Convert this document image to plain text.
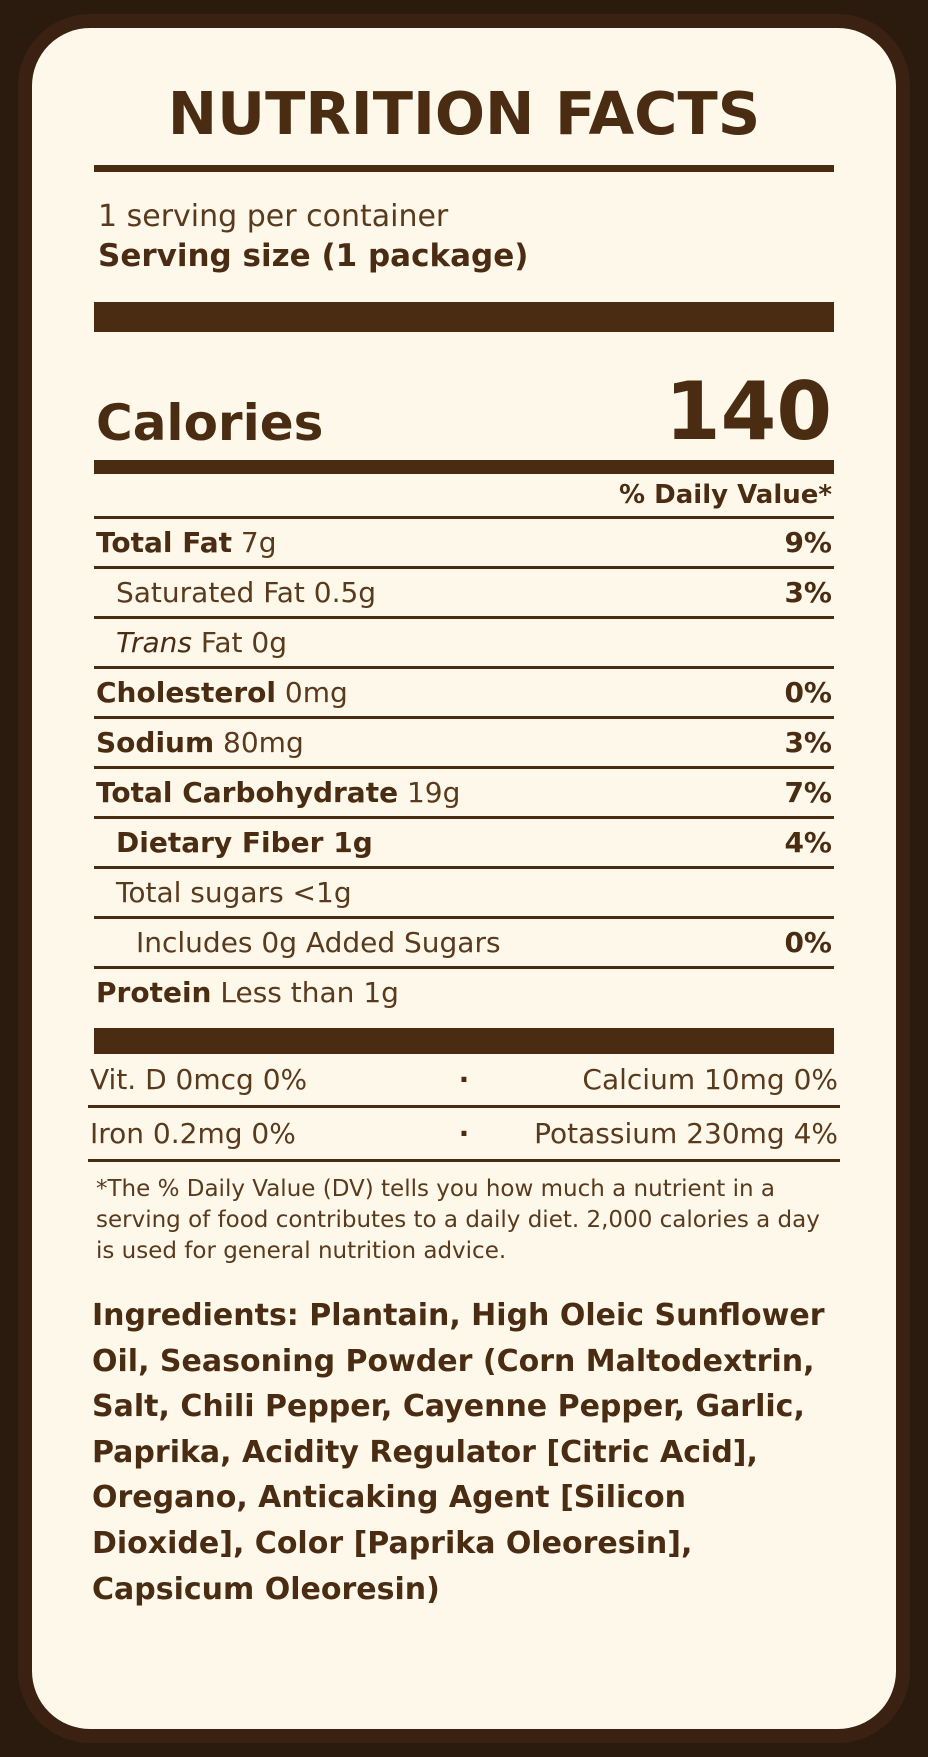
NUTRITION FACTS
1 serving per container
Serving size (1 package)
Calories	140
% Daily Value*
Total Fat 7g	9%
Saturated Fat 0.5g	3%
Trans Fat 0g
Cholesterol 0mg	0%
Sodium 80mg	3%
Total Carbohydrate 19g	7%
Dietary Fiber 1g	4%
Total sugars <1g
Includes 0g Added Sugars	0%
Protein Less than 1g
Vit. D 0mcg 0%	·	Calcium 10mg 0%
Iron 0.2mg 0%	·	Potassium 230mg 4%
*The % Daily Value (DV) tells you how much a nutrient in a serving of food contributes to a daily diet. 2,000 calories a day is used for general nutrition advice.
Ingredients: Plantain, High Oleic Sunflower Oil, Seasoning Powder (Corn Maltodextrin, Salt, Chili Pepper, Cayenne Pepper, Garlic, Paprika, Acidity Regulator [Citric Acid], Oregano, Anticaking Agent [Silicon Dioxide], Color [Paprika Oleoresin], Capsicum Oleoresin)
